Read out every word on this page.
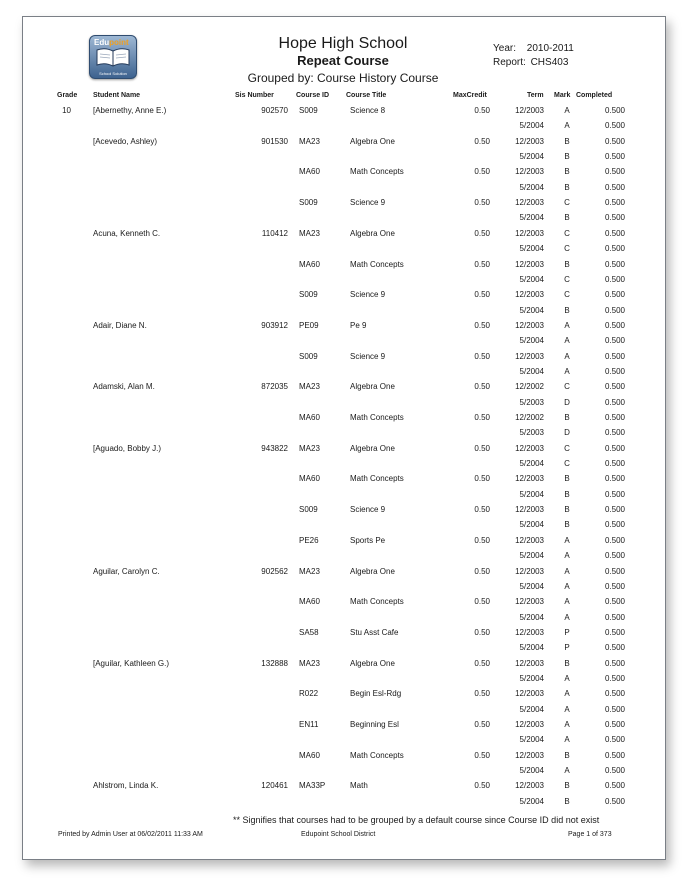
Edupoint
School Solution
Hope High School
Repeat Course
Grouped by: Course History Course
Year: 2010-2011
Report: CHS403
Grade Student Name	Sis Number	Course ID Course Title	MaxCredit	Term Mark Completed
10	[Abernethy, Anne E.)	902570 S009	Science 8	0.50	12/2003	A	0.500
5/2004	A	0.500
[Acevedo, Ashley)	901530 MA23	Algebra One	0.50	12/2003	B	0.500
5/2004	B	0.500
MA60	Math Concepts	0.50	12/2003	B	0.500
5/2004	B	0.500
S009	Science 9	0.50	12/2003	C	0.500
5/2004	B	0.500
Acuna, Kenneth C.	110412 MA23	Algebra One	0.50	12/2003	C	0.500
5/2004	C	0.500
MA60	Math Concepts	0.50	12/2003	B	0.500
5/2004	C	0.500
S009	Science 9	0.50	12/2003	C	0.500
5/2004	B	0.500
Adair, Diane N.	903912 PE09	Pe 9	0.50	12/2003	A	0.500
5/2004	A	0.500
S009	Science 9	0.50	12/2003	A	0.500
5/2004	A	0.500
Adamski, Alan M.	872035 MA23	Algebra One	0.50	12/2002	C	0.500
5/2003	D	0.500
MA60	Math Concepts	0.50	12/2002	B	0.500
5/2003	D	0.500
[Aguado, Bobby J.)	943822 MA23	Algebra One	0.50	12/2003	C	0.500
5/2004	C	0.500
MA60	Math Concepts	0.50	12/2003	B	0.500
5/2004	B	0.500
S009	Science 9	0.50	12/2003	B	0.500
5/2004	B	0.500
PE26	Sports Pe	0.50	12/2003	A	0.500
5/2004	A	0.500
Aguilar, Carolyn C.	902562 MA23	Algebra One	0.50	12/2003	A	0.500
5/2004	A	0.500
MA60	Math Concepts	0.50	12/2003	A	0.500
5/2004	A	0.500
SA58	Stu Asst Cafe	0.50	12/2003	P	0.500
5/2004	P	0.500
[Aguilar, Kathleen G.)	132888 MA23	Algebra One	0.50	12/2003	B	0.500
5/2004	A	0.500
R022	Begin Esl-Rdg	0.50	12/2003	A	0.500
5/2004	A	0.500
EN11	Beginning Esl	0.50	12/2003	A	0.500
5/2004	A	0.500
MA60	Math Concepts	0.50	12/2003	B	0.500
5/2004	A	0.500
Ahlstrom, Linda K.	120461 MA33P	Math	0.50	12/2003	B	0.500
5/2004	B	0.500
** Signifies that courses had to be grouped by a default course since Course ID did not exist
Printed by Admin User at 06/02/2011 11:33 AM	Edupoint School District	Page 1 of 373
